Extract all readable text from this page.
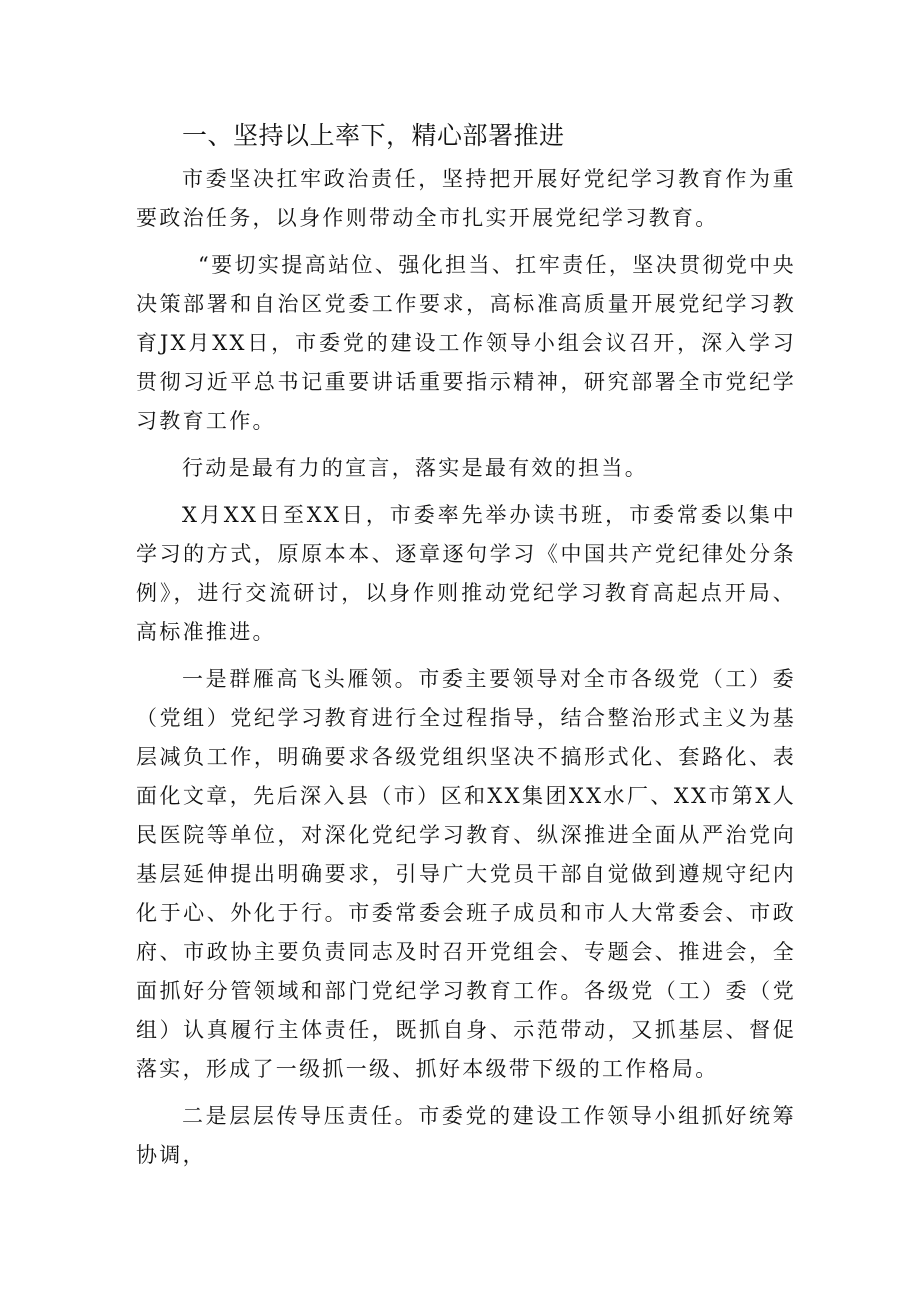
一、坚持以上率下，精心部署推进

市委坚决扛牢政治责任，坚持把开展好党纪学习教育作为重要政治任务，以身作则带动全市扎实开展党纪学习教育。

“要切实提高站位、强化担当、扛牢责任，坚决贯彻党中央决策部署和自治区党委工作要求，高标准高质量开展党纪学习教育JX月XX日，市委党的建设工作领导小组会议召开，深入学习贯彻习近平总书记重要讲话重要指示精神，研究部署全市党纪学习教育工作。

行动是最有力的宣言，落实是最有效的担当。

X月XX日至XX日，市委率先举办读书班，市委常委以集中学习的方式，原原本本、逐章逐句学习《中国共产党纪律处分条例》，进行交流研讨，以身作则推动党纪学习教育高起点开局、高标准推进。

一是群雁高飞头雁领。市委主要领导对全市各级党（工）委（党组）党纪学习教育进行全过程指导，结合整治形式主义为基层减负工作，明确要求各级党组织坚决不搞形式化、套路化、表面化文章，先后深入县（市）区和XX集团XX水厂、XX市第X人民医院等单位，对深化党纪学习教育、纵深推进全面从严治党向基层延伸提出明确要求，引导广大党员干部自觉做到遵规守纪内化于心、外化于行。市委常委会班子成员和市人大常委会、市政府、市政协主要负责同志及时召开党组会、专题会、推进会，全面抓好分管领域和部门党纪学习教育工作。各级党（工）委（党组）认真履行主体责任，既抓自身、示范带动，又抓基层、督促落实，形成了一级抓一级、抓好本级带下级的工作格局。

二是层层传导压责任。市委党的建设工作领导小组抓好统筹协调，
